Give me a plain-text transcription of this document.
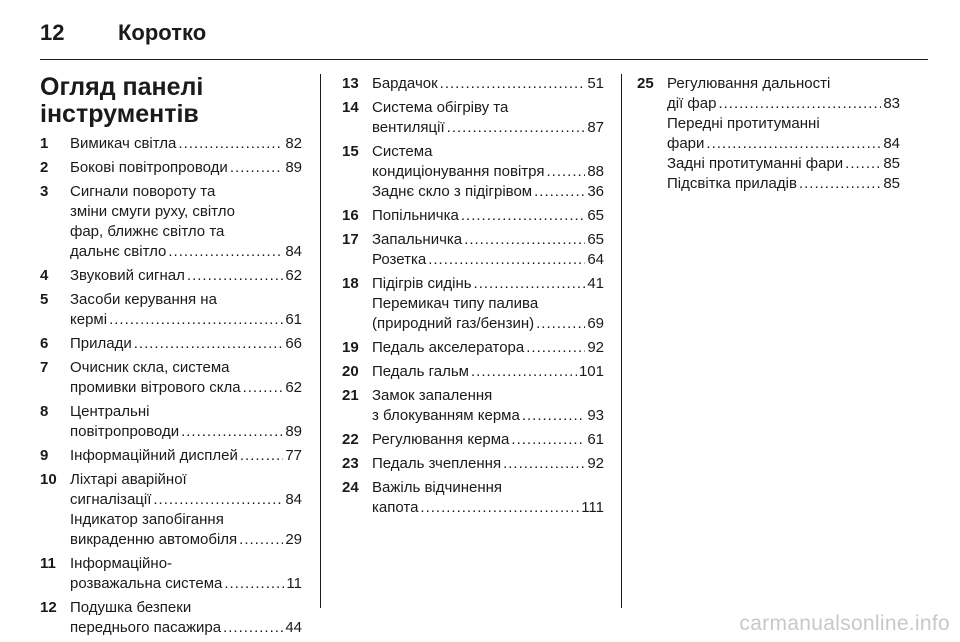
12	Коротко
Огляд панелі
інструментів
1	Вимикач світла .....	82
2	Бокові повітропроводи .....	89
3	Сигнали повороту та
зміни смуги руху, світло
фар, ближнє світло та
дальнє світло .....	84
4	Звуковий сигнал .....	62
5	Засоби керування на
кермі .....	61
6	Прилади .....	66
7	Очисник скла, система
промивки вітрового скла .....	62
8	Центральні
повітропроводи .....	89
9	Інформаційний дисплей .....	77
10 Ліхтарі аварійної
сигналізації .....	84
Індикатор запобігання
викраденню автомобіля .....	29
11 Інформаційно-
розважальна система .....	11
12 Подушка безпеки
переднього пасажира .....	44
13 Бардачок .....	51
14 Система обігріву та
вентиляції .....	87
15 Система
кондиціонування повітря .....	88
Заднє скло з підігрівом .....	36
16 Попільничка .....	65
17 Запальничка .....	65
Розетка .....	64
18 Підігрів сидінь .....	41
Перемикач типу палива
(природний газ/бензин) .....	69
19 Педаль акселератора .....	92
20 Педаль гальм .....	101
21 Замок запалення
з блокуванням керма .....	93
22 Регулювання керма .....	61
23 Педаль зчеплення .....	92
24 Важіль відчинення
капота .....	111
25 Регулювання дальності
дії фар .....	83
Передні протитуманні
фари .....	84
Задні протитуманні фари .....	85
Підсвітка приладів .....	85
carmanualsonline.info
